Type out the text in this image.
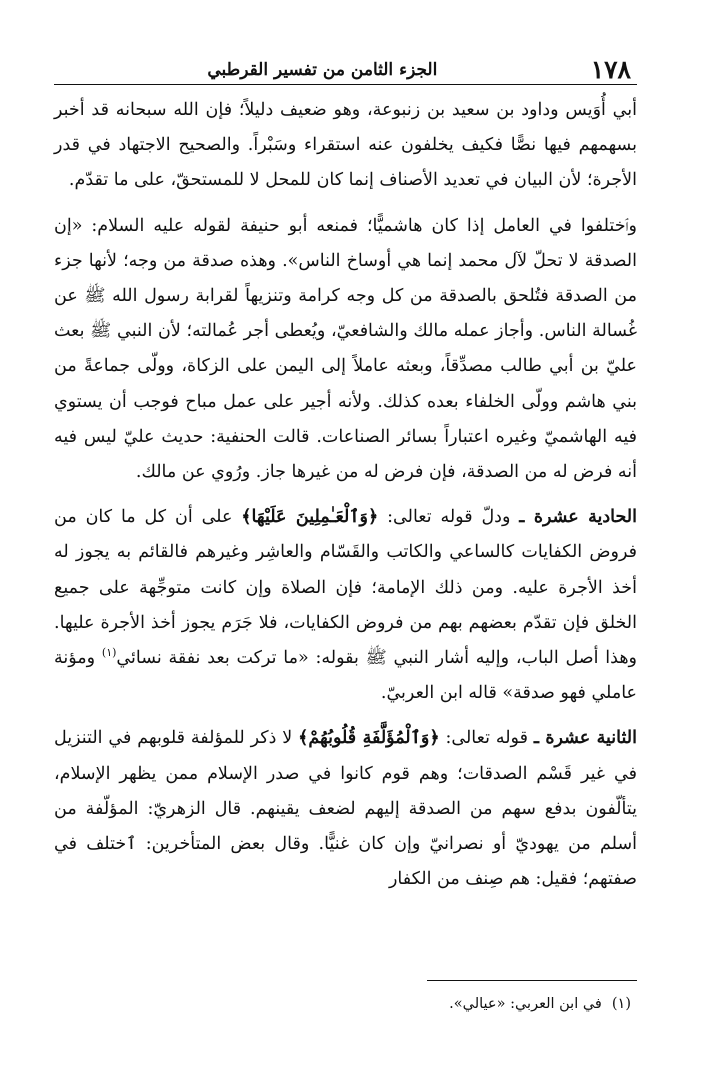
١٧٨
الجزء الثامن من تفسير القرطبي

أبي أُوَيس وداود بن سعيد بن زنبوعة، وهو ضعيف دليلاً؛ فإن الله سبحانه قد أخبر بسهمهم فيها نصًّا فكيف يخلفون عنه استقراء وسَبْراً. والصحيح الاجتهاد في قدر الأجرة؛ لأن البيان في تعديد الأصناف إنما كان للمحل لا للمستحقّ، على ما تقدّم.

وٱختلفوا في العامل إذا كان هاشميًّا؛ فمنعه أبو حنيفة لقوله عليه السلام: «إن الصدقة لا تحلّ لآل محمد إنما هي أوساخ الناس». وهذه صدقة من وجه؛ لأنها جزء من الصدقة فتُلحق بالصدقة من كل وجه كرامة وتنزيهاً لقرابة رسول الله ﷺ عن غُسالة الناس. وأجاز عمله مالك والشافعيّ، ويُعطى أجر عُمالته؛ لأن النبي ﷺ بعث عليّ بن أبي طالب مصدِّقاً، وبعثه عاملاً إلى اليمن على الزكاة، وولّى جماعةً من بني هاشم وولّى الخلفاء بعده كذلك. ولأنه أجير على عمل مباح فوجب أن يستوي فيه الهاشميّ وغيره اعتباراً بسائر الصناعات. قالت الحنفية: حديث عليّ ليس فيه أنه فرض له من الصدقة، فإن فرض له من غيرها جاز. ورُوي عن مالك.

الحادية عشرة ـ ودلّ قوله تعالى: ﴿وَٱلْعَـٰمِلِينَ عَلَيْهَا﴾ على أن كل ما كان من فروض الكفايات كالساعي والكاتب والقَسّام والعاشِر وغيرهم فالقائم به يجوز له أخذ الأجرة عليه. ومن ذلك الإمامة؛ فإن الصلاة وإن كانت متوجِّهة على جميع الخلق فإن تقدّم بعضهم بهم من فروض الكفايات، فلا جَرَم يجوز أخذ الأجرة عليها. وهذا أصل الباب، وإليه أشار النبي ﷺ بقوله: «ما تركت بعد نفقة نسائي$^{(١)}$ ومؤنة عاملي فهو صدقة» قاله ابن العربيّ.

الثانية عشرة ـ قوله تعالى: ﴿وَٱلْمُؤَلَّفَةِ قُلُوبُهُمْ﴾ لا ذكر للمؤلفة قلوبهم في التنزيل في غير قَسْم الصدقات؛ وهم قوم كانوا في صدر الإسلام ممن يظهر الإسلام، يتألّفون بدفع سهم من الصدقة إليهم لضعف يقينهم. قال الزهريّ: المؤلّفة من أسلم من يهوديّ أو نصرانيّ وإن كان غنيًّا. وقال بعض المتأخرين: ٱختلف في صفتهم؛ فقيل: هم صِنف من الكفار

(١)في ابن العربي: «عيالي».
